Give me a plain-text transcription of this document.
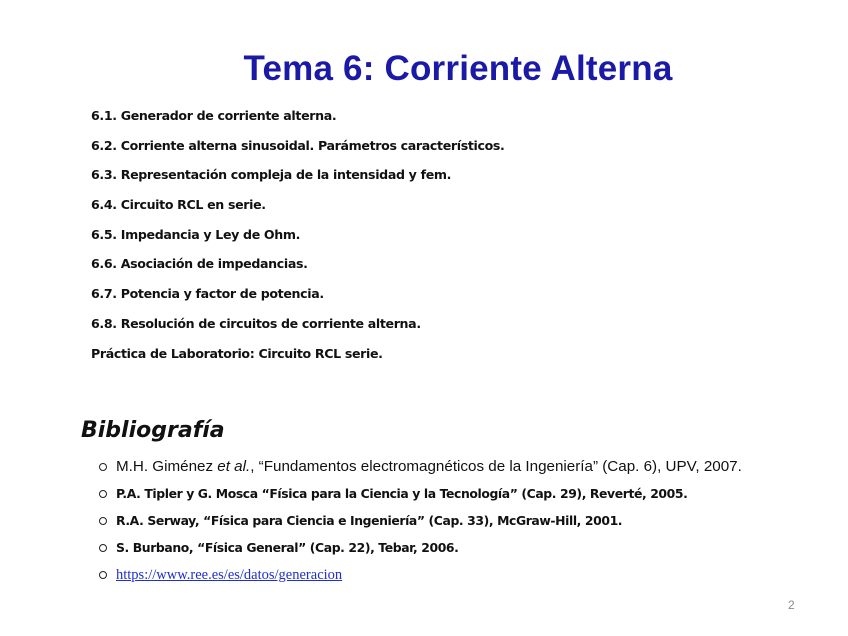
Tema 6: Corriente Alterna
6.1. Generador de corriente alterna.
6.2. Corriente alterna sinusoidal. Parámetros característicos.
6.3. Representación compleja de la intensidad y fem.
6.4. Circuito RCL en serie.
6.5. Impedancia y Ley de Ohm.
6.6. Asociación de impedancias.
6.7. Potencia y factor de potencia.
6.8. Resolución de circuitos de corriente alterna.
Práctica de Laboratorio: Circuito RCL serie.
Bibliografía
M.H. Giménez et al., “Fundamentos electromagnéticos de la Ingeniería” (Cap. 6), UPV, 2007.
P.A. Tipler y G. Mosca “Física para la Ciencia y la Tecnología” (Cap. 29), Reverté, 2005.
R.A. Serway, “Física para Ciencia e Ingeniería” (Cap. 33), McGraw-Hill, 2001.
S. Burbano, “Física General” (Cap. 22), Tebar, 2006.
https://www.ree.es/es/datos/generacion
2
